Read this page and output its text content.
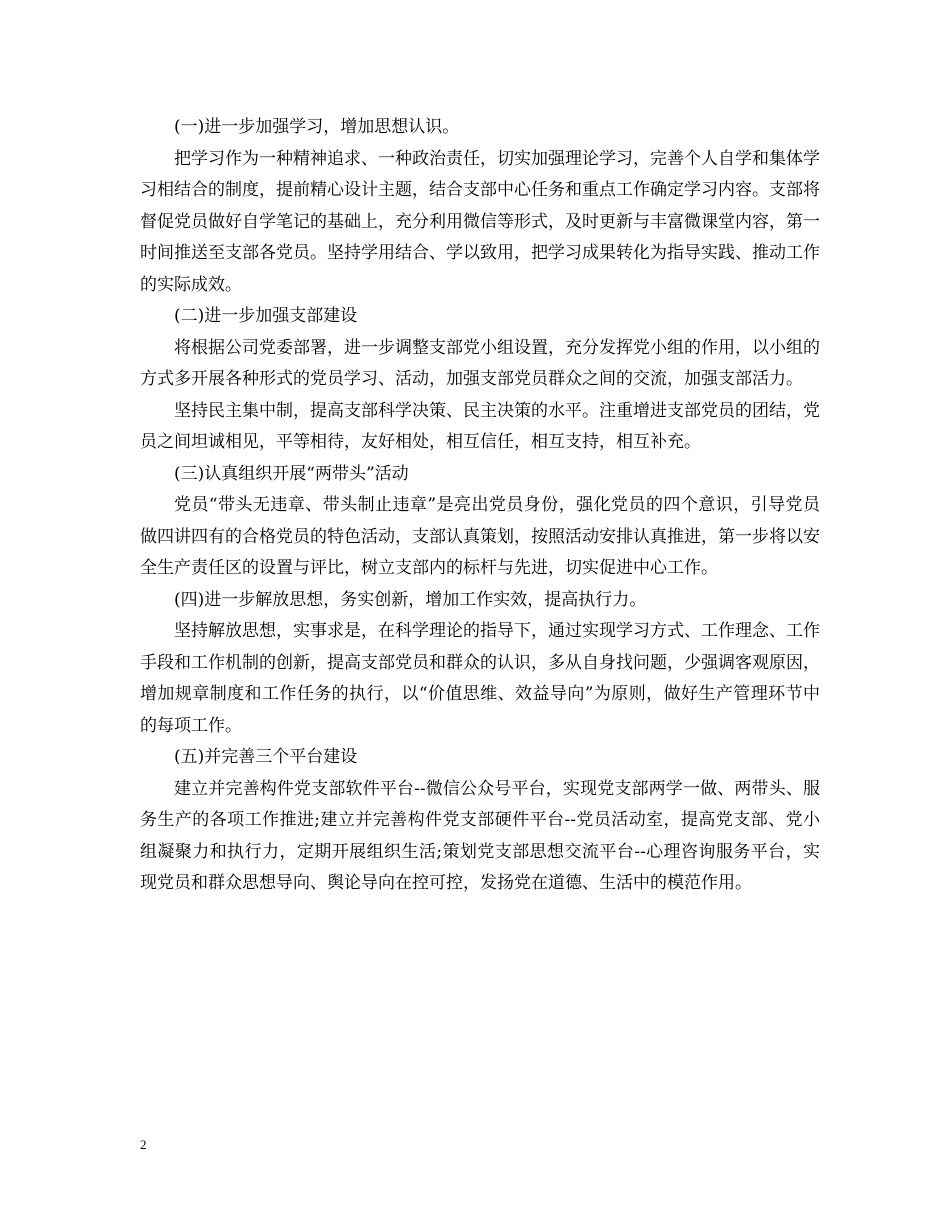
(一)进一步加强学习，增加思想认识。

把学习作为一种精神追求、一种政治责任，切实加强理论学习，完善个人自学和集体学习相结合的制度，提前精心设计主题，结合支部中心任务和重点工作确定学习内容。支部将督促党员做好自学笔记的基础上，充分利用微信等形式，及时更新与丰富微课堂内容，第一时间推送至支部各党员。坚持学用结合、学以致用，把学习成果转化为指导实践、推动工作的实际成效。

(二)进一步加强支部建设

将根据公司党委部署，进一步调整支部党小组设置，充分发挥党小组的作用，以小组的方式多开展各种形式的党员学习、活动，加强支部党员群众之间的交流，加强支部活力。

坚持民主集中制，提高支部科学决策、民主决策的水平。注重增进支部党员的团结，党员之间坦诚相见，平等相待，友好相处，相互信任，相互支持，相互补充。

(三)认真组织开展“两带头”活动

党员“带头无违章、带头制止违章”是亮出党员身份，强化党员的四个意识，引导党员做四讲四有的合格党员的特色活动，支部认真策划，按照活动安排认真推进，第一步将以安全生产责任区的设置与评比，树立支部内的标杆与先进，切实促进中心工作。

(四)进一步解放思想，务实创新，增加工作实效，提高执行力。

坚持解放思想，实事求是，在科学理论的指导下，通过实现学习方式、工作理念、工作手段和工作机制的创新，提高支部党员和群众的认识，多从自身找问题，少强调客观原因，增加规章制度和工作任务的执行，以“价值思维、效益导向”为原则，做好生产管理环节中的每项工作。

(五)并完善三个平台建设

建立并完善构件党支部软件平台--微信公众号平台，实现党支部两学一做、两带头、服务生产的各项工作推进;建立并完善构件党支部硬件平台--党员活动室，提高党支部、党小组凝聚力和执行力，定期开展组织生活;策划党支部思想交流平台--心理咨询服务平台，实现党员和群众思想导向、舆论导向在控可控，发扬党在道德、生活中的模范作用。

2
